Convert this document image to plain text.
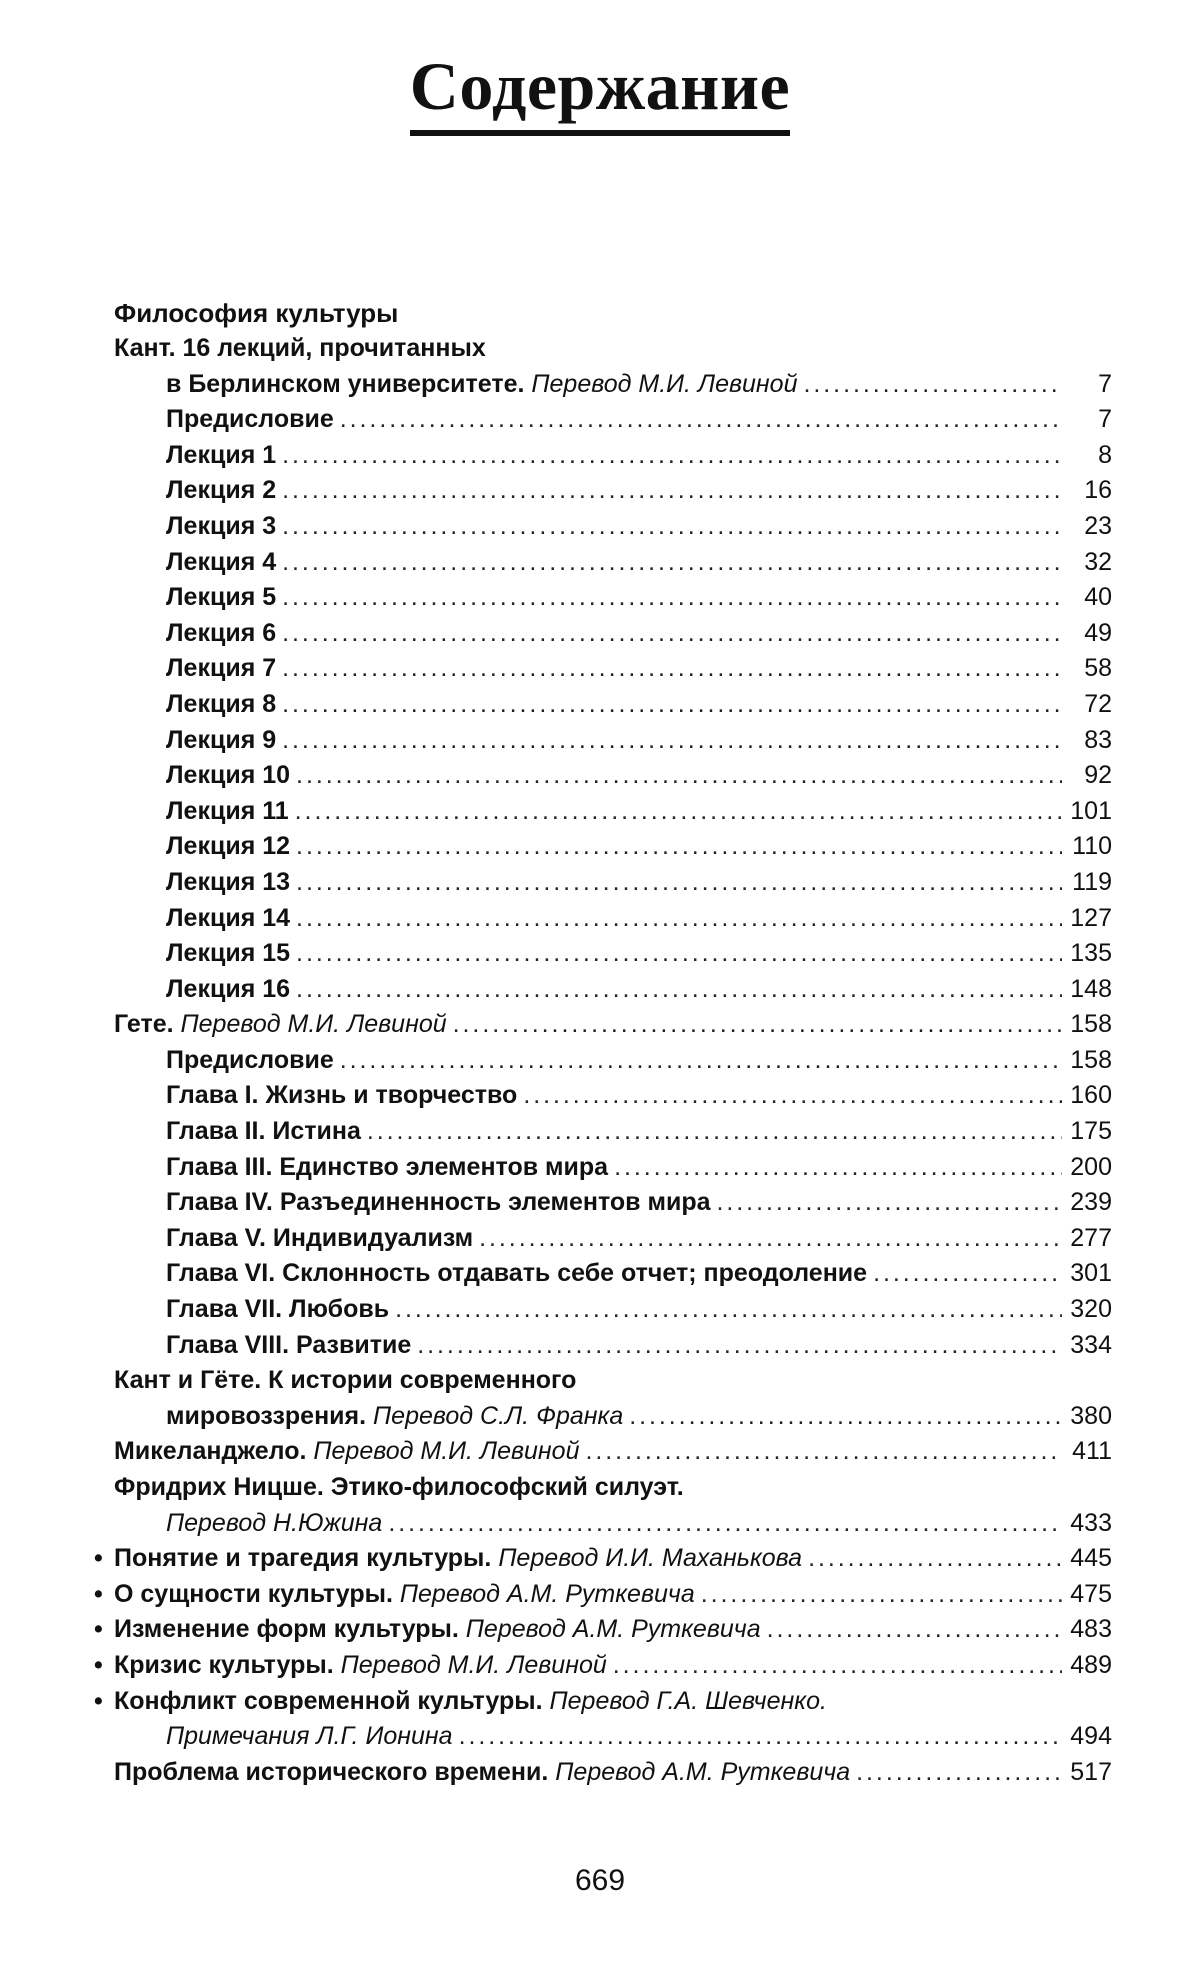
Содержание
Философия культуры
Кант. 16 лекций, прочитанных
в Берлинском университете.
Перевод М.И. Левиной . . .	7
Предисловие . . .	7
Лекция 1 . . .	8
Лекция 2 . . .	16
Лекция 3 . . .	23
Лекция 4 . . .	32
Лекция 5 . . .	40
Лекция 6 . . .	49
Лекция 7 . . .	58
Лекция 8 . . .	72
Лекция 9 . . .	83
Лекция 10 . . .	92
Лекция 11 . . .	101
Лекция 12 . . .	110
Лекция 13 . . .	119
Лекция 14 . . .	127
Лекция 15 . . .	135
Лекция 16 . . .	148
Гете.
Перевод М.И. Левиной . . .	158
Предисловие . . .	158
Глава I. Жизнь и творчество . . .	160
Глава II. Истина . . .	175
Глава III. Единство элементов мира . . .	200
Глава IV. Разъединенность элементов мира . . .	239
Глава V. Индивидуализм . . .	277
Глава VI. Склонность отдавать себе отчет; преодоление . . .	301
Глава VII. Любовь . . .	320
Глава VIII. Развитие . . .	334
Кант и Гёте. К истории современного
мировоззрения.
Перевод С.Л. Франка . . .	380
Микеланджело.
Перевод М.И. Левиной . . .	411
Фридрих Ницше. Этико-философский силуэт.
Перевод Н.Южина . . .	433
• Понятие и трагедия культуры.
Перевод И.И. Маханькова . . .	445
• О сущности культуры.
Перевод А.М. Руткевича . . .	475
• Изменение форм культуры.
Перевод А.М. Руткевича . . .	483
• Кризис культуры.
Перевод М.И. Левиной . . .	489
• Конфликт современной культуры. Перевод Г.А. Шевченко.
Примечания Л.Г. Ионина . . .	494
Проблема исторического времени.
Перевод А.М. Руткевича . . .	517
669
